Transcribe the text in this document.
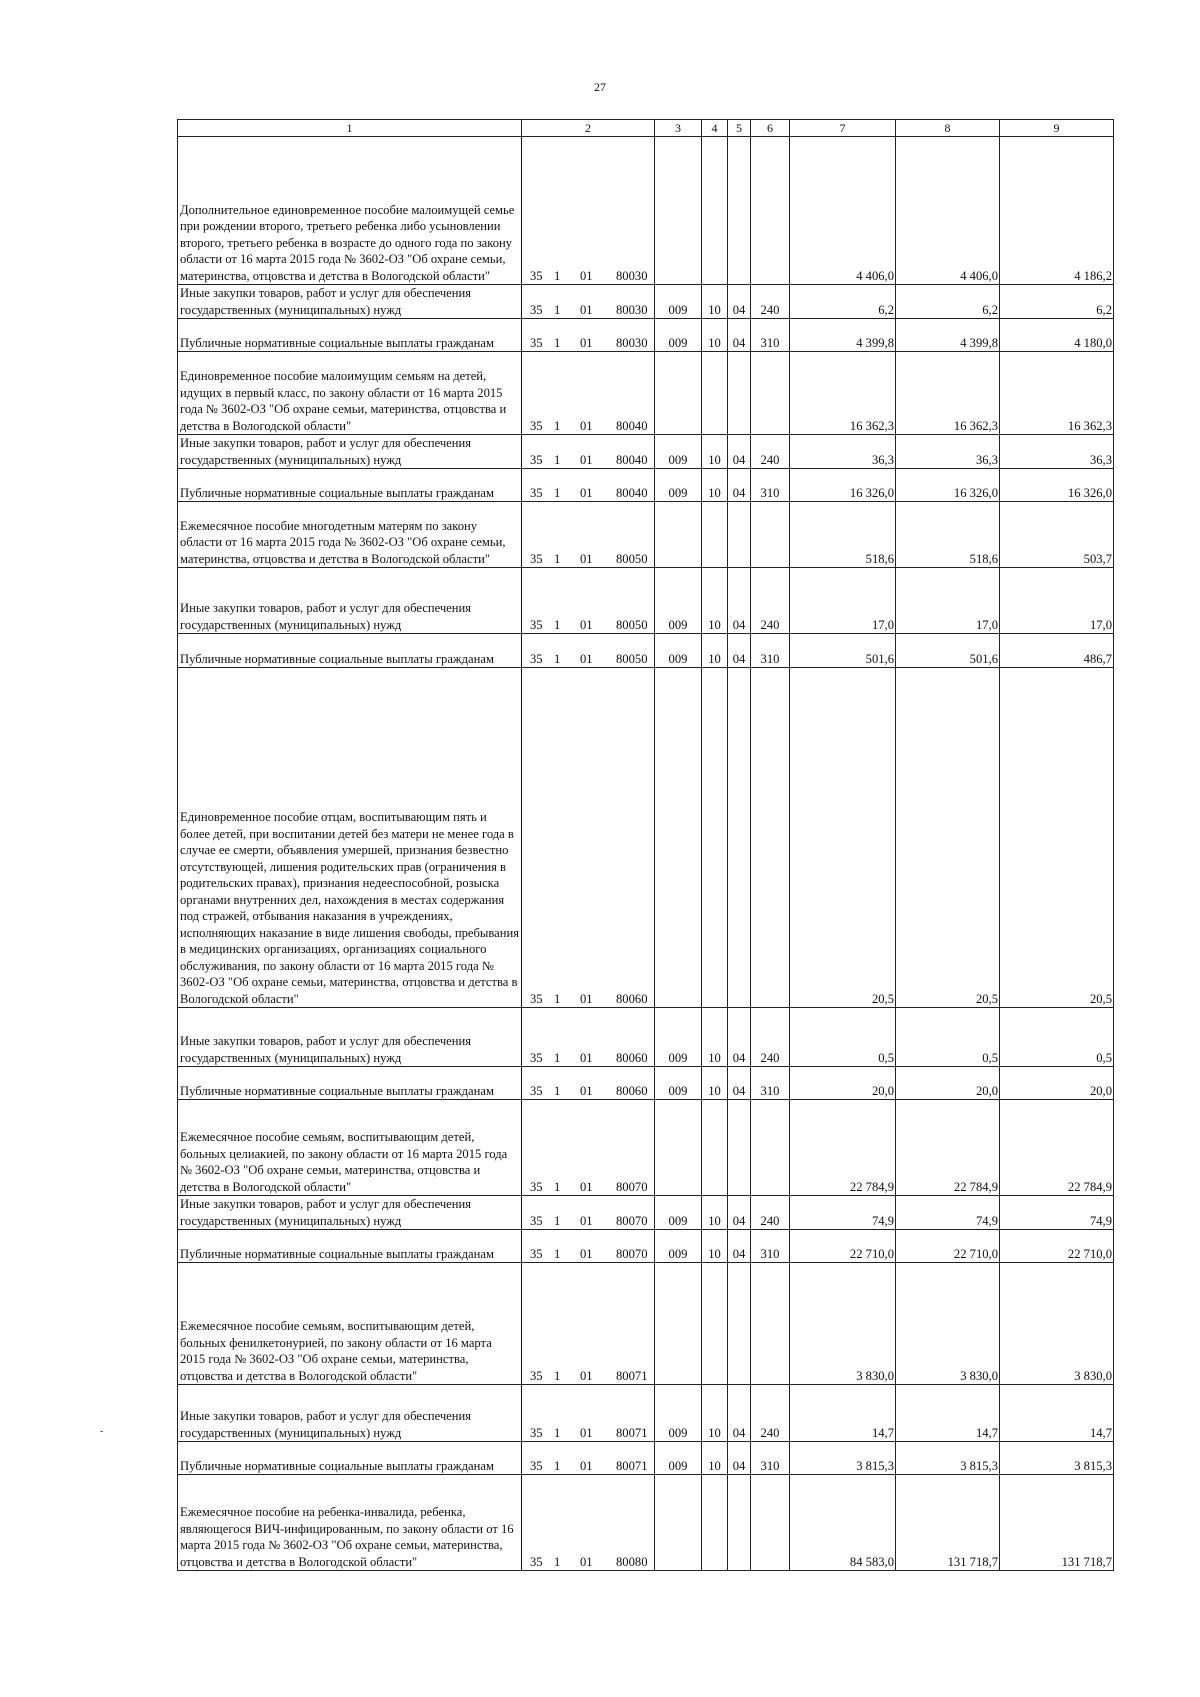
27
1	2	3	4	5	6	7	8	9
Дополнительное единовременное пособие малоимущей семье при рождении второго, третьего ребенка либо усыновлении второго, третьего ребенка в возрасте до одного года по закону области от 16 марта 2015 года № 3602-ОЗ "Об охране семьи, материнства, отцовства и детства в Вологодской области"	35 1 01 80030					4 406,0	4 406,0	4 186,2
Иные закупки товаров, работ и услуг для обеспечения государственных (муниципальных) нужд	35 1 01 80030	009	10	04	240	6,2	6,2	6,2
Публичные нормативные социальные выплаты гражданам	35 1 01 80030	009	10	04	310	4 399,8	4 399,8	4 180,0
Единовременное пособие малоимущим семьям на детей, идущих в первый класс, по закону области от 16 марта 2015 года № 3602-ОЗ "Об охране семьи, материнства, отцовства и детства в Вологодской области"	35 1 01 80040					16 362,3	16 362,3	16 362,3
Иные закупки товаров, работ и услуг для обеспечения государственных (муниципальных) нужд	35 1 01 80040	009	10	04	240	36,3	36,3	36,3
Публичные нормативные социальные выплаты гражданам	35 1 01 80040	009	10	04	310	16 326,0	16 326,0	16 326,0
Ежемесячное пособие многодетным матерям по закону области от 16 марта 2015 года № 3602-ОЗ "Об охране семьи, материнства, отцовства и детства в Вологодской области"	35 1 01 80050					518,6	518,6	503,7
Иные закупки товаров, работ и услуг для обеспечения государственных (муниципальных) нужд	35 1 01 80050	009	10	04	240	17,0	17,0	17,0
Публичные нормативные социальные выплаты гражданам	35 1 01 80050	009	10	04	310	501,6	501,6	486,7
Единовременное пособие отцам, воспитывающим пять и более детей, при воспитании детей без матери не менее года в случае ее смерти, объявления умершей, признания безвестно отсутствующей, лишения родительских прав (ограничения в родительских правах), признания недееспособной, розыска органами внутренних дел, нахождения в местах содержания под стражей, отбывания наказания в учреждениях, исполняющих наказание в виде лишения свободы, пребывания в медицинских организациях, организациях социального обслуживания, по закону области от 16 марта 2015 года № 3602-ОЗ "Об охране семьи, материнства, отцовства и детства в Вологодской области"	35 1 01 80060					20,5	20,5	20,5
Иные закупки товаров, работ и услуг для обеспечения государственных (муниципальных) нужд	35 1 01 80060	009	10	04	240	0,5	0,5	0,5
Публичные нормативные социальные выплаты гражданам	35 1 01 80060	009	10	04	310	20,0	20,0	20,0
Ежемесячное пособие семьям, воспитывающим детей, больных целиакией, по закону области от 16 марта 2015 года № 3602-ОЗ "Об охране семьи, материнства, отцовства и детства в Вологодской области"	35 1 01 80070					22 784,9	22 784,9	22 784,9
Иные закупки товаров, работ и услуг для обеспечения государственных (муниципальных) нужд	35 1 01 80070	009	10	04	240	74,9	74,9	74,9
Публичные нормативные социальные выплаты гражданам	35 1 01 80070	009	10	04	310	22 710,0	22 710,0	22 710,0
Ежемесячное пособие семьям, воспитывающим детей, больных фенилкетонурией, по закону области от 16 марта 2015 года № 3602-ОЗ "Об охране семьи, материнства, отцовства и детства в Вологодской области"	35 1 01 80071					3 830,0	3 830,0	3 830,0
Иные закупки товаров, работ и услуг для обеспечения государственных (муниципальных) нужд	35 1 01 80071	009	10	04	240	14,7	14,7	14,7
Публичные нормативные социальные выплаты гражданам	35 1 01 80071	009	10	04	310	3 815,3	3 815,3	3 815,3
Ежемесячное пособие на ребенка-инвалида, ребенка, являющегося ВИЧ-инфицированным, по закону области от 16 марта 2015 года № 3602-ОЗ "Об охране семьи, материнства, отцовства и детства в Вологодской области"	35 1 01 80080					84 583,0	131 718,7	131 718,7
-
